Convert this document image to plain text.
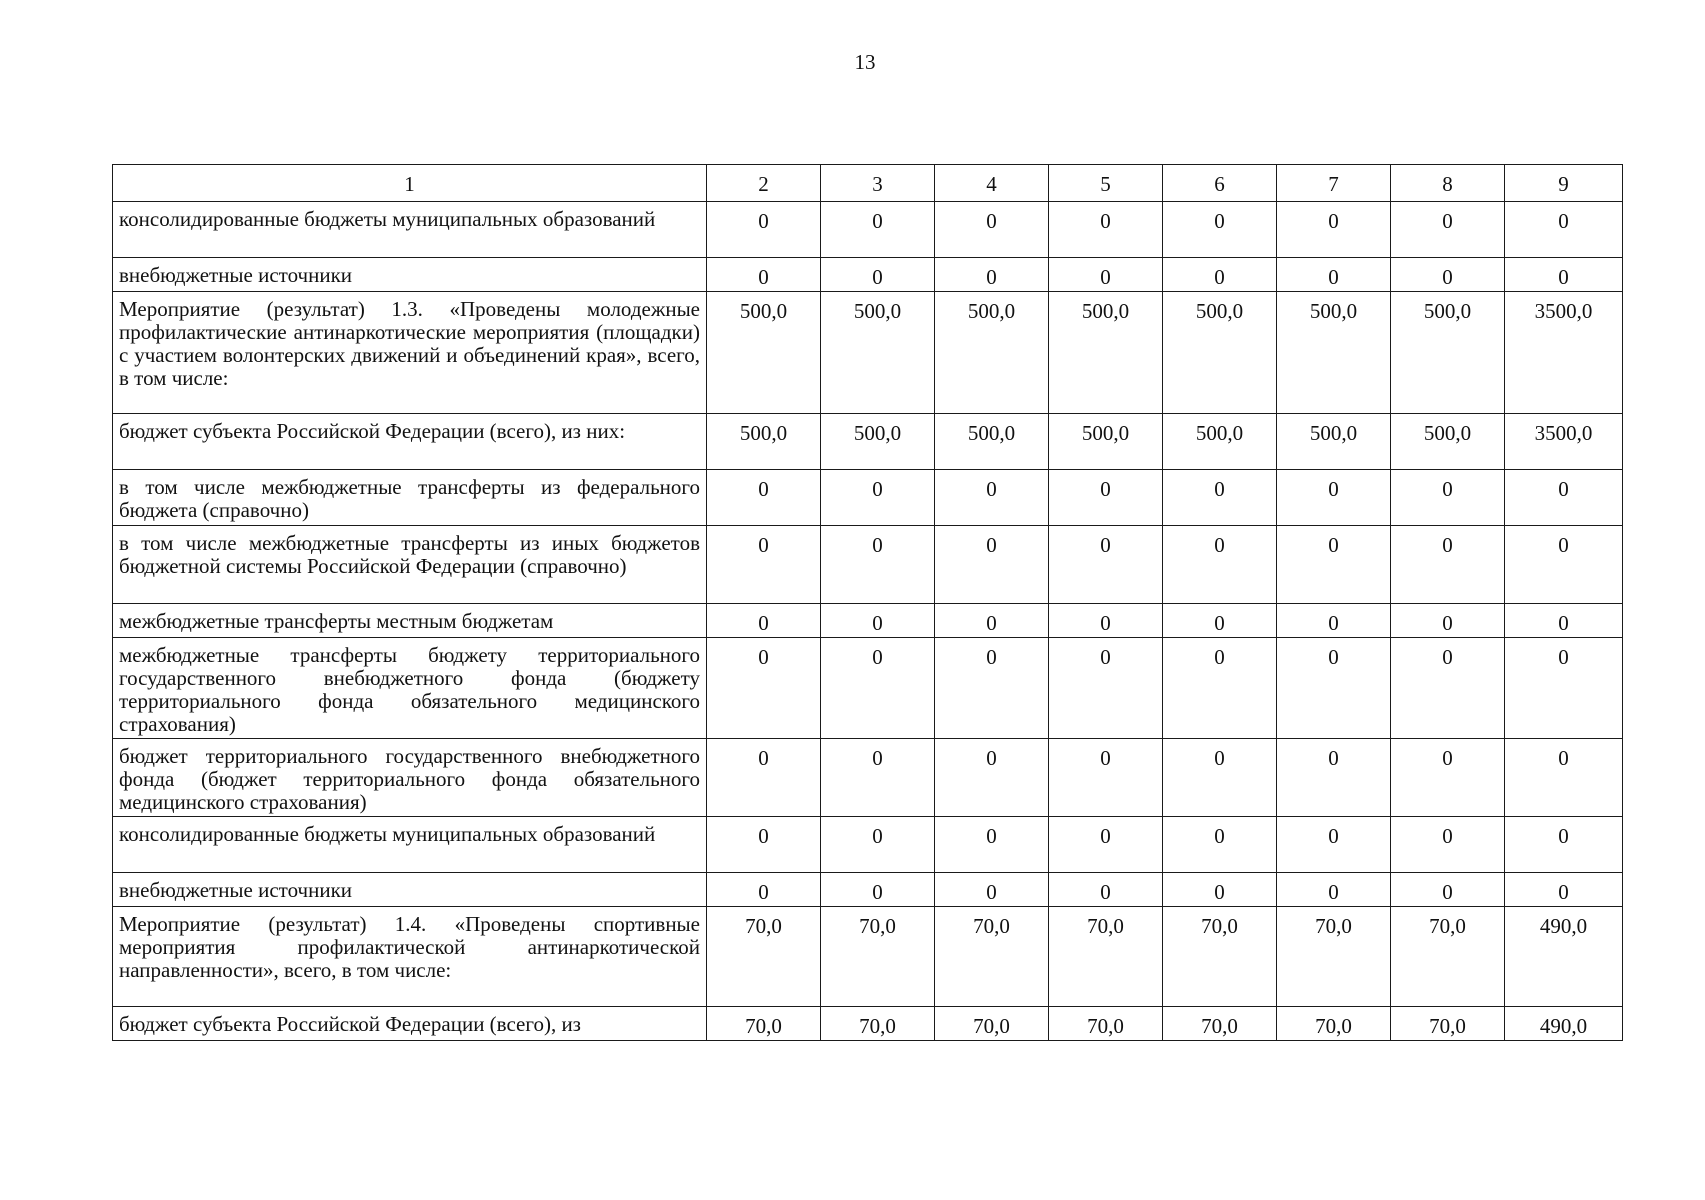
13
1	2	3	4	5	6	7	8	9
консолидированные бюджеты муниципальных образований	0	0	0	0	0	0	0	0
внебюджетные источники	0	0	0	0	0	0	0	0
Мероприятие (результат) 1.3. «Проведены молодежные профилактические антинаркотические мероприятия (площадки) с участием волонтерских движений и объединений края», всего, в том числе:	500,0	500,0	500,0	500,0	500,0	500,0	500,0	3500,0
бюджет субъекта Российской Федерации (всего), из них:	500,0	500,0	500,0	500,0	500,0	500,0	500,0	3500,0
в том числе межбюджетные трансферты из федерального бюджета (справочно)	0	0	0	0	0	0	0	0
в том числе межбюджетные трансферты из иных бюджетов бюджетной системы Российской Федерации (справочно)	0	0	0	0	0	0	0	0
межбюджетные трансферты местным бюджетам	0	0	0	0	0	0	0	0
межбюджетные трансферты бюджету территориального государственного внебюджетного фонда (бюджету территориального фонда обязательного медицинского страхования)	0	0	0	0	0	0	0	0
бюджет территориального государственного внебюджетного фонда (бюджет территориального фонда обязательного медицинского страхования)	0	0	0	0	0	0	0	0
консолидированные бюджеты муниципальных образований	0	0	0	0	0	0	0	0
внебюджетные источники	0	0	0	0	0	0	0	0
Мероприятие (результат) 1.4. «Проведены спортивные мероприятия профилактической антинаркотической направленности», всего, в том числе:	70,0	70,0	70,0	70,0	70,0	70,0	70,0	490,0
бюджет субъекта Российской Федерации (всего), из	70,0	70,0	70,0	70,0	70,0	70,0	70,0	490,0
